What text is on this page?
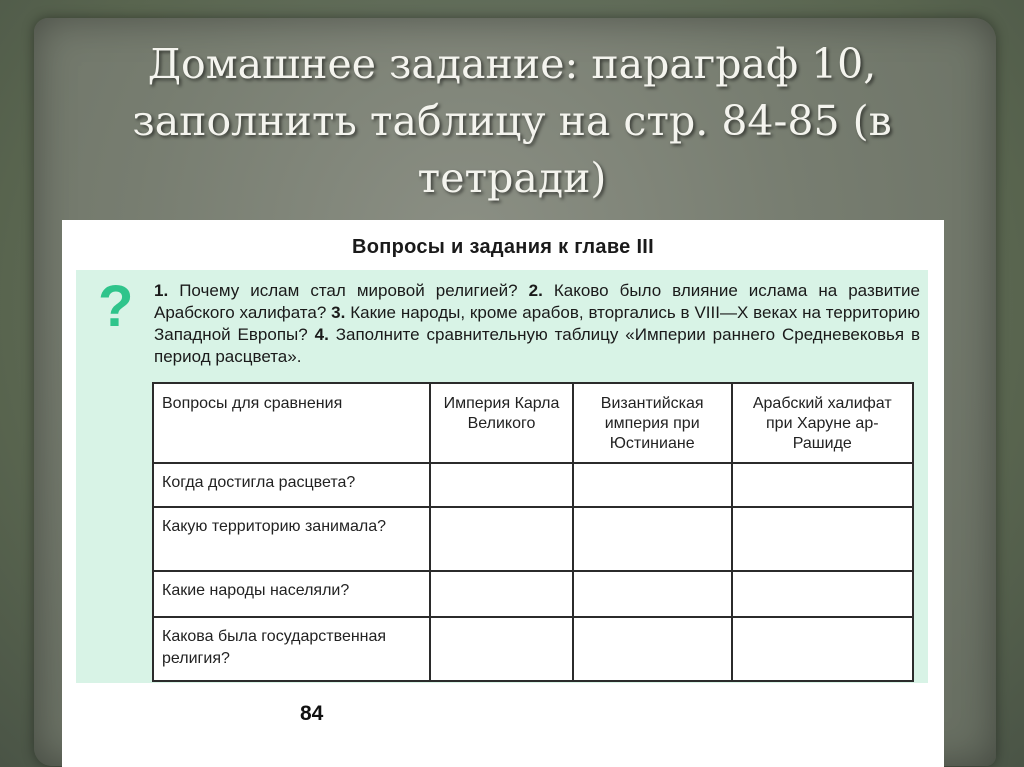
Домашнее задание: параграф 10,
заполнить таблицу на стр. 84-85 (в
тетради)
Вопросы и задания к главе III
? 1. Почему ислам стал мировой религией? 2. Каково было влияние ислама на развитие Арабского халифата? 3. Какие народы, кроме арабов, вторгались в VIII—X веках на территорию Западной Европы? 4. Заполните сравнительную таблицу «Империи раннего Средневековья в период расцвета».
Вопросы для сравнения	Империя Карла Великого	Византийская империя при Юстиниане	Арабский халифат при Харуне ар-Рашиде
Когда достигла расцвета?			
Какую территорию занимала?			
Какие народы населяли?			
Какова была государственная религия?			
84
